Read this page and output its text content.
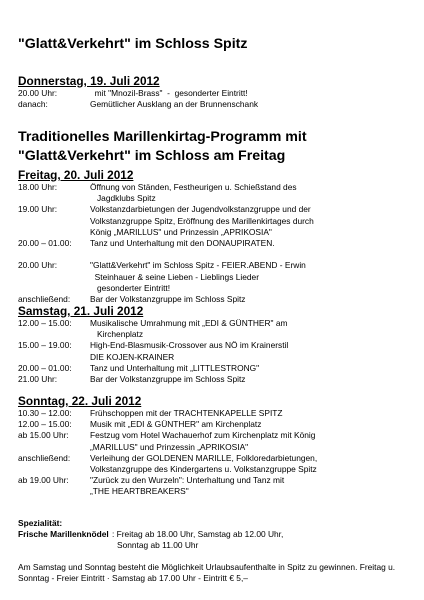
"Glatt&Verkehrt" im Schloss Spitz
Donnerstag, 19. Juli 2012
20.00 Uhr:	mit "Mnozil-Brass"  -  gesonderter Eintritt!
danach:	Gemütlicher Ausklang an der Brunnenschank
Traditionelles Marillenkirtag-Programm mit
"Glatt&Verkehrt" im Schloss am Freitag
Freitag, 20. Juli 2012
18.00 Uhr:	Öffnung von Ständen, Festheurigen u. Schießstand des
Jagdklubs Spitz
19.00 Uhr:	Volkstanzdarbietungen der Jugendvolkstanzgruppe und der
Volkstanzgruppe Spitz, Eröffnung des Marillenkirtages durch
König „MARILLUS" und Prinzessin „APRIKOSIA"
20.00 – 01.00:	Tanz und Unterhaltung mit den DONAUPIRATEN.
20.00 Uhr:	"Glatt&Verkehrt" im Schloss Spitz - FEIER.ABEND - Erwin
Steinhauer & seine Lieben - Lieblings Lieder
gesonderter Eintritt!
anschließend:	Bar der Volkstanzgruppe im Schloss Spitz
Samstag, 21. Juli 2012
12.00 – 15.00:	Musikalische Umrahmung mit „EDI & GÜNTHER" am
Kirchenplatz
15.00 – 19.00:	High-End-Blasmusik-Crossover aus NÖ im Krainerstil
DIE KOJEN-KRAINER
20.00 – 01.00:	Tanz und Unterhaltung mit „LITTLESTRONG"
21.00 Uhr:	Bar der Volkstanzgruppe im Schloss Spitz
Sonntag, 22. Juli 2012
10.30 – 12.00:	Frühschoppen mit der TRACHTENKAPELLE SPITZ
12.00 – 15.00:	Musik mit „EDI & GÜNTHER" am Kirchenplatz
ab 15.00 Uhr:	Festzug vom Hotel Wachauerhof zum Kirchenplatz mit König
„MARILLUS" und Prinzessin „APRIKOSIA"
anschließend:	Verleihung der GOLDENEN MARILLE, Folkloredarbietungen,
Volkstanzgruppe des Kindergartens u. Volkstanzgruppe Spitz
ab 19.00 Uhr:	"Zurück zu den Wurzeln": Unterhaltung und Tanz mit
„THE HEARTBREAKERS"
Spezialität:
Frische Marillenknödel : Freitag ab 18.00 Uhr, Samstag ab 12.00 Uhr,
Sonntag ab 11.00 Uhr
Am Samstag und Sonntag besteht die Möglichkeit Urlaubsaufenthalte in Spitz zu gewinnen. Freitag u. Sonntag - Freier Eintritt · Samstag ab 17.00 Uhr - Eintritt € 5,–
